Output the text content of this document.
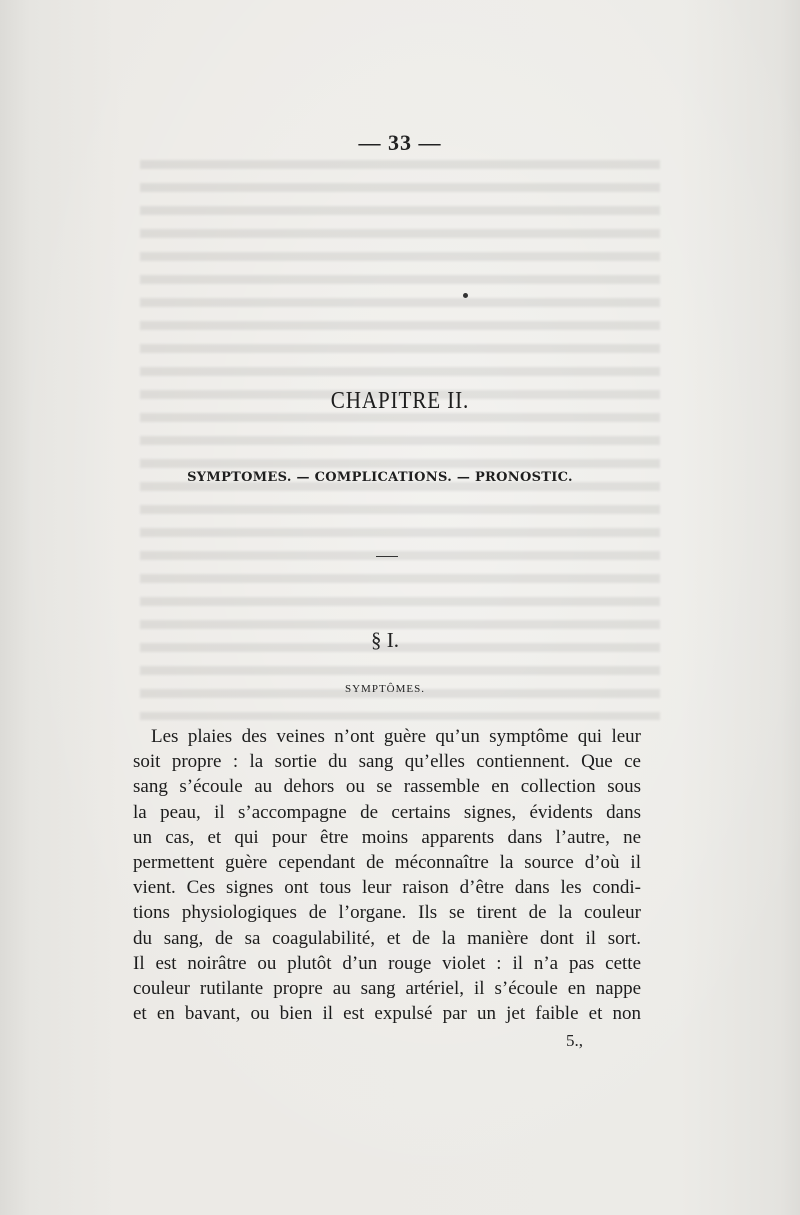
— 33 —
CHAPITRE II.
SYMPTOMES. — COMPLICATIONS. — PRONOSTIC.
§ I.
SYMPTÔMES.
Les plaies des veines n’ont guère qu’un symptôme qui leur
soit propre : la sortie du sang qu’elles contiennent. Que ce
sang s’écoule au dehors ou se rassemble en collection sous
la peau, il s’accompagne de certains signes, évidents dans
un cas, et qui pour être moins apparents dans l’autre, ne
permettent guère cependant de méconnaître la source d’où il
vient. Ces signes ont tous leur raison d’être dans les condi-
tions physiologiques de l’organe. Ils se tirent de la couleur
du sang, de sa coagulabilité, et de la manière dont il sort.
Il est noirâtre ou plutôt d’un rouge violet : il n’a pas cette
couleur rutilante propre au sang artériel, il s’écoule en nappe
et en bavant, ou bien il est expulsé par un jet faible et non
5.,
